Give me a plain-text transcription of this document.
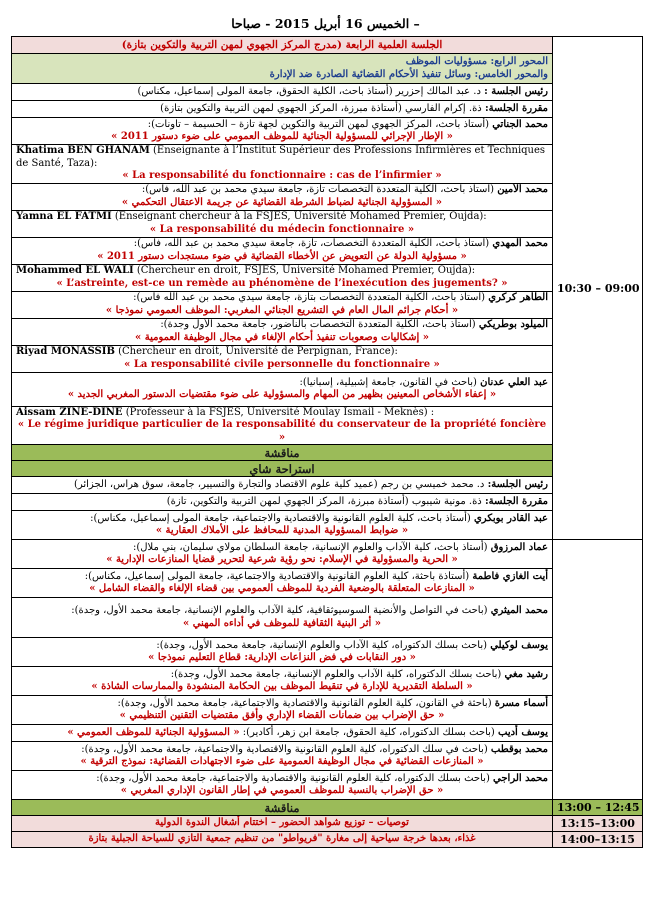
الخميس 16 أبريل 2015 - صباحا –
الجلسة العلمية الرابعة (مدرج المركز الجهوي لمهن التربية والتكوين بتازة)	10:30 – 09:00	

المحور الرابع: مسؤوليات الموظف
والمحور الخامس: وسائل تنفيذ الأحكام القضائية الصادرة ضد الإدارة		

رئيس الجلسة : د. عبد المالك إحزرير (أستاذ باحث، الكلية الحقوق، جامعة المولى إسماعيل، مكناس)		
مقررة الجلسة: ذة. إكرام الفارسي (أستاذة مبرزة، المركز الجهوي لمهن التربية والتكوين بتازة)		

محمد الجناتي (أستاذ باحث، المركز الجهوي لمهن التربية والتكوين لجهة تازة – الحسيمة – تاونات):
« الإطار الإجرائي للمسؤولية الجنائية للموظف العمومي على ضوء دستور 2011 »		

Khatima BEN GHANAM (Enseignante à l’Institut Supérieur des Professions Infirmières et Techniques de Santé, Taza):
« La responsabilité du fonctionnaire : cas de l’infirmier »		

محمد الأمين (أستاذ باحث، الكلية المتعددة التخصصات تازة، جامعة سيدي محمد بن عبد الله، فاس):
« المسؤولية الجنائية لضباط الشرطة القضائية عن جريمة الاعتقال التحكمي »		

Yamna EL FATMI (Enseignant chercheur à la FSJES, Université Mohamed Premier, Oujda):
« La responsabilité du médecin fonctionnaire »		

محمد المهدي (أستاذ باحث، الكلية المتعددة التخصصات، تازة، جامعة سيدي محمد بن عبد الله، فاس):
« مسؤولية الدولة عن التعويض عن الأخطاء القضائية في ضوء مستجدات دستور 2011 »		

Mohammed EL WALI (Chercheur en droit, FSJES, Université Mohamed Premier, Oujda):
« L’astreinte, est-ce un remède au phénomène de l’inexécution des jugements? »		

الطاهر كركري (أستاذ باحث، الكلية المتعددة التخصصات بتازة، جامعة سيدي محمد بن عبد الله فاس):
« أحكام جرائم المال العام في التشريع الجنائي المغربي: الموظف العمومي نموذجا »		

الميلود بوطريكي (أستاذ باحث، الكلية المتعددة التخصصات بالناضور، جامعة محمد الأول وجدة):
« إشكاليات وصعوبات تنفيذ أحكام الإلغاء في مجال الوظيفة العمومية »		

Riyad MONASSIB (Chercheur en droit, Université de Perpignan, France):
« La responsabilité civile personnelle du fonctionnaire »		

عبد العلي عدنان (باحث في القانون، جامعة إشبيلية، إسبانيا):
« إعفاء الأشخاص المعينين بظهير من المهام والمسؤولية على ضوء مقتضيات الدستور المغربي الجديد »		

Aissam ZINE-DINE (Professeur à la FSJES, Université Moulay Ismail - Meknès) :
« Le régime juridique particulier de la responsabilité du conservateur de la propriété foncière »		

مناقشة	
استراحة شاي	
رئيس الجلسة: د. محمد خميسي بن رجم (عميد كلية علوم الاقتصاد والتجارة والتسيير، جامعة، سوق هراس، الجزائر)		
مقررة الجلسة: ذة. مونية شيبوب (أستاذة مبرزة، المركز الجهوي لمهن التربية والتكوين، تازة)		

عبد القادر بوبكري (أستاذ باحث، كلية العلوم القانونية والاقتصادية والاجتماعية، جامعة المولى إسماعيل، مكناس):
« ضوابط المسؤولية المدنية للمحافظ على الأملاك العقارية »		

عماد المرزوق (أستاذ باحث، كلية الآداب والعلوم الإنسانية، جامعة السلطان مولاي سليمان، بني ملال):
« الحرية والمسؤولية في الإسلام: نحو رؤية شرعية لتحرير قضايا المنازعات الإدارية »		

أيت الغازي فاطمة (أستاذة باحثة، كلية العلوم القانونية والاقتصادية والاجتماعية، جامعة المولى إسماعيل، مكناس):
« المنازعات المتعلقة بالوضعية الفردية للموظف العمومي بين قضاء الإلغاء والقضاء الشامل »		

محمد الميثري (باحث في التواصل والأنضية السوسيوثقافية، كلية الآداب والعلوم الإنسانية، جامعة محمد الأول، وجدة):
« أثر البنية الثقافية للموظف في أداءه المهني »		

يوسف لوكيلي (باحث بسلك الدكتوراه، كلية الآداب والعلوم الإنسانية، جامعة محمد الأول، وجدة):
« دور النقابات في فض النزاعات الإدارية: قطاع التعليم نموذجا »		

رشيد مغي (باحث بسلك الدكتوراه، كلية الآداب والعلوم الإنسانية، جامعة محمد الأول، وجدة):
« السلطة التقديرية للإدارة في تنقيط الموظف بين الحكامة المنشودة والممارسات الشاذة »		

أسماء مسرة (باحثة في القانون، كلية العلوم القانونية والاقتصادية والاجتماعية، جامعة محمد الأول، وجدة):
« حق الإضراب بين ضمانات القضاء الإداري وأفق مقتضيات التقنين التنظيمي »		

يوسف أديب (باحث بسلك الدكتوراه، كلية الحقوق، جامعة ابن زهر، أكادير): « المسؤولية الجنائية للموظف العمومي »		

محمد بوقطب (باحث في سلك الدكتوراه، كلية العلوم القانونية والاقتصادية والاجتماعية، جامعة محمد الأول، وجدة):
« المنازعات القضائية في مجال الوظيفة العمومية على ضوء الاجتهادات القضائية: نموذج الترقية »		

محمد الراجي (باحث بسلك الدكتوراه، كلية العلوم القانونية والاقتصادية والاجتماعية، جامعة محمد الأول، وجدة):
« حق الإضراب بالنسبة للموظف العمومي في إطار القانون الإداري المغربي »		

مناقشة	13:00 – 12:45	
توصيات – توزيع شواهد الحضور – اختتام أشغال الندوة الدولية	13:15–13:00	
غذاء، بعدها خرجة سياحية إلى مغارة "فريواطو" من تنظيم جمعية التازي للسياحة الجبلية بتازة	14:00–13:15	
